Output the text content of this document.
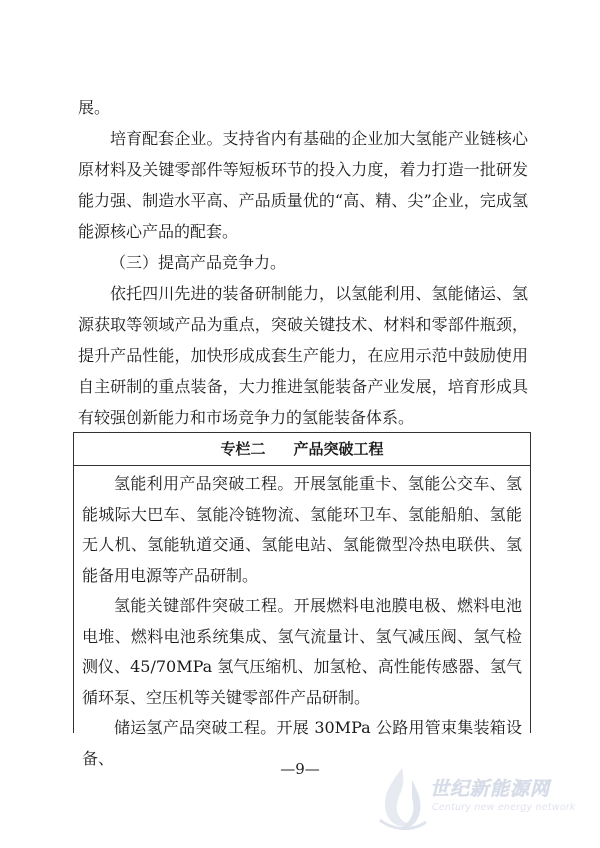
展。

培育配套企业。支持省内有基础的企业加大氢能产业链核心原材料及关键零部件等短板环节的投入力度，着力打造一批研发能力强、制造水平高、产品质量优的“高、精、尖”企业，完成氢能源核心产品的配套。

（三）提高产品竞争力。

依托四川先进的装备研制能力，以氢能利用、氢能储运、氢源获取等领域产品为重点，突破关键技术、材料和零部件瓶颈，提升产品性能，加快形成成套生产能力，在应用示范中鼓励使用自主研制的重点装备，大力推进氢能装备产业发展，培育形成具有较强创新能力和市场竞争力的氢能装备体系。

专栏二 产品突破工程

氢能利用产品突破工程。开展氢能重卡、氢能公交车、氢能城际大巴车、氢能冷链物流、氢能环卫车、氢能船舶、氢能无人机、氢能轨道交通、氢能电站、氢能微型冷热电联供、氢能备用电源等产品研制。

氢能关键部件突破工程。开展燃料电池膜电极、燃料电池电堆、燃料电池系统集成、氢气流量计、氢气减压阀、氢气检测仪、45/70MPa 氢气压缩机、加氢枪、高性能传感器、氢气循环泵、空压机等关键零部件产品研制。

储运氢产品突破工程。开展 30MPa 公路用管束集装箱设备、

—9—
世纪新能源网
Century new energy network
